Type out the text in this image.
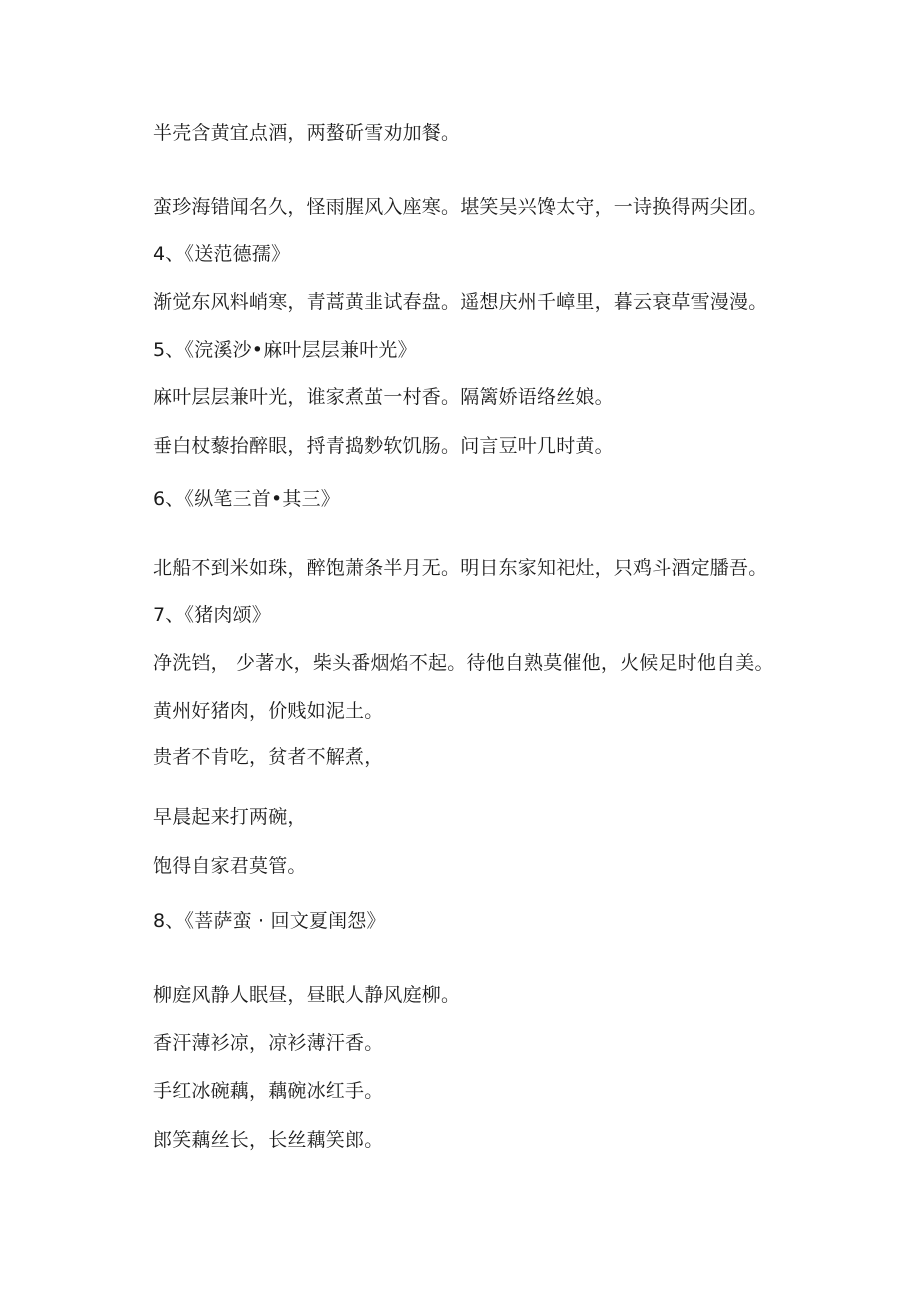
半壳含黄宜点酒，两螯斫雪劝加餐。
蛮珍海错闻名久，怪雨腥风入座寒。堪笑吴兴馋太守，一诗换得两尖团。
4、《送范德孺》
渐觉东风料峭寒，青蒿黄韭试春盘。遥想庆州千嶂里，暮云衰草雪漫漫。
5、《浣溪沙•麻叶层层兼叶光》
麻叶层层兼叶光，谁家煮茧一村香。隔篱娇语络丝娘。
垂白杖藜抬醉眼，捋青捣麨软饥肠。问言豆叶几时黄。
6、《纵笔三首•其三》
北船不到米如珠，醉饱萧条半月无。明日东家知祀灶，只鸡斗酒定膰吾。
7、《猪肉颂》
净洗铛， 少著水，柴头番烟焰不起。待他自熟莫催他，火候足时他自美。
黄州好猪肉，价贱如泥土。
贵者不肯吃，贫者不解煮，
早晨起来打两碗，
饱得自家君莫管。
8、《菩萨蛮 · 回文夏闺怨》
柳庭风静人眠昼，昼眠人静风庭柳。
香汗薄衫凉，凉衫薄汗香。
手红冰碗藕，藕碗冰红手。
郎笑藕丝长，长丝藕笑郎。
